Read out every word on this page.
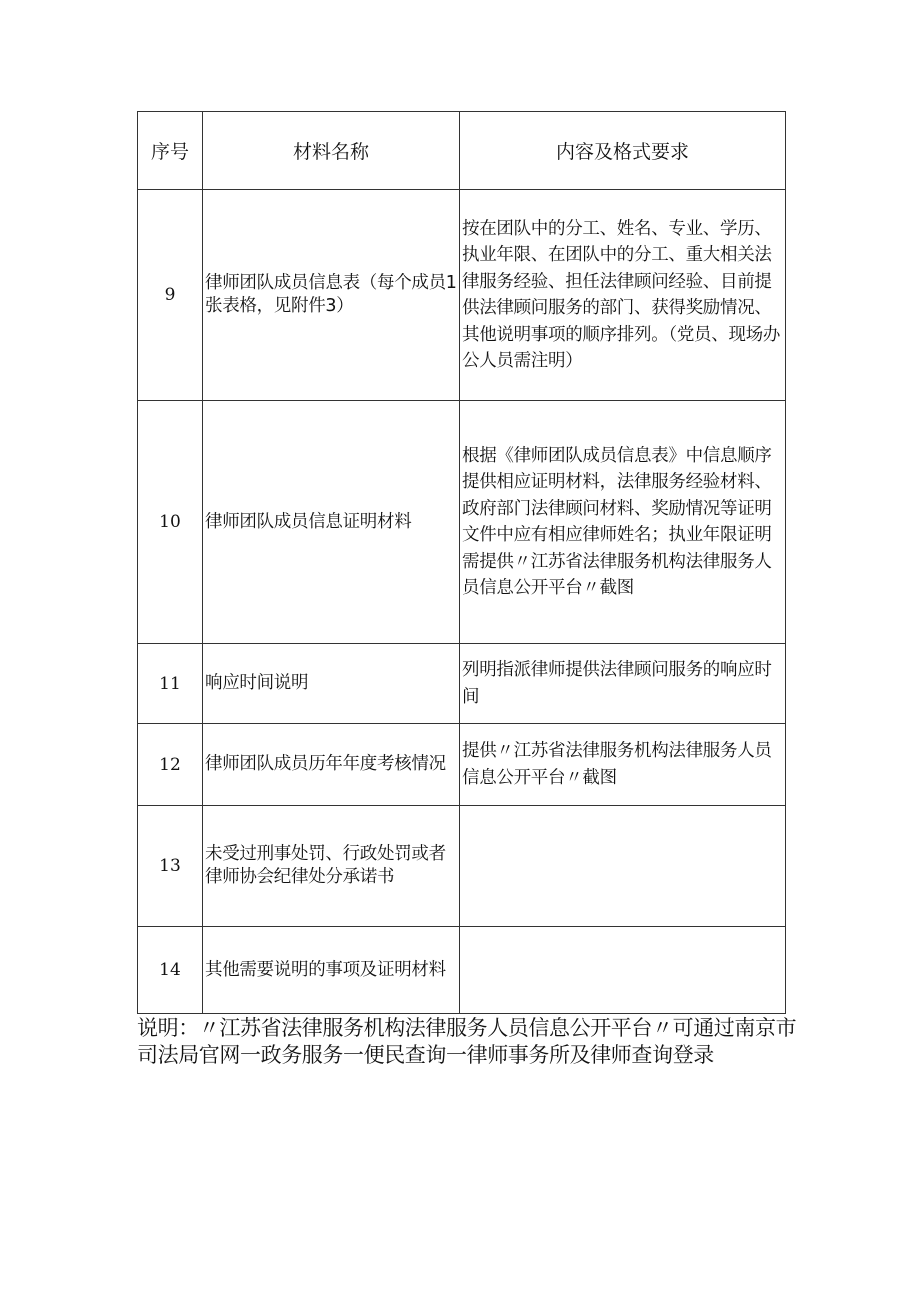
序号	材料名称	内容及格式要求
9	律师团队成员信息表（每个成员1张表格，见附件3）	按在团队中的分工、姓名、专业、学历、执业年限、在团队中的分工、重大相关法律服务经验、担任法律顾问经验、目前提供法律顾问服务的部门、获得奖励情况、其他说明事项的顺序排列。（党员、现场办公人员需注明）
10	律师团队成员信息证明材料	根据《律师团队成员信息表》中信息顺序提供相应证明材料，法律服务经验材料、政府部门法律顾问材料、奖励情况等证明文件中应有相应律师姓名；执业年限证明需提供〃江苏省法律服务机构法律服务人员信息公开平台〃截图
11	响应时间说明	列明指派律师提供法律顾问服务的响应时间
12	律师团队成员历年年度考核情况	提供〃江苏省法律服务机构法律服务人员信息公开平台〃截图
13	未受过刑事处罚、行政处罚或者律师协会纪律处分承诺书	
14	其他需要说明的事项及证明材料	
说明：〃江苏省法律服务机构法律服务人员信息公开平台〃可通过南京市司法局官网一政务服务一便民查询一律师事务所及律师查询登录
